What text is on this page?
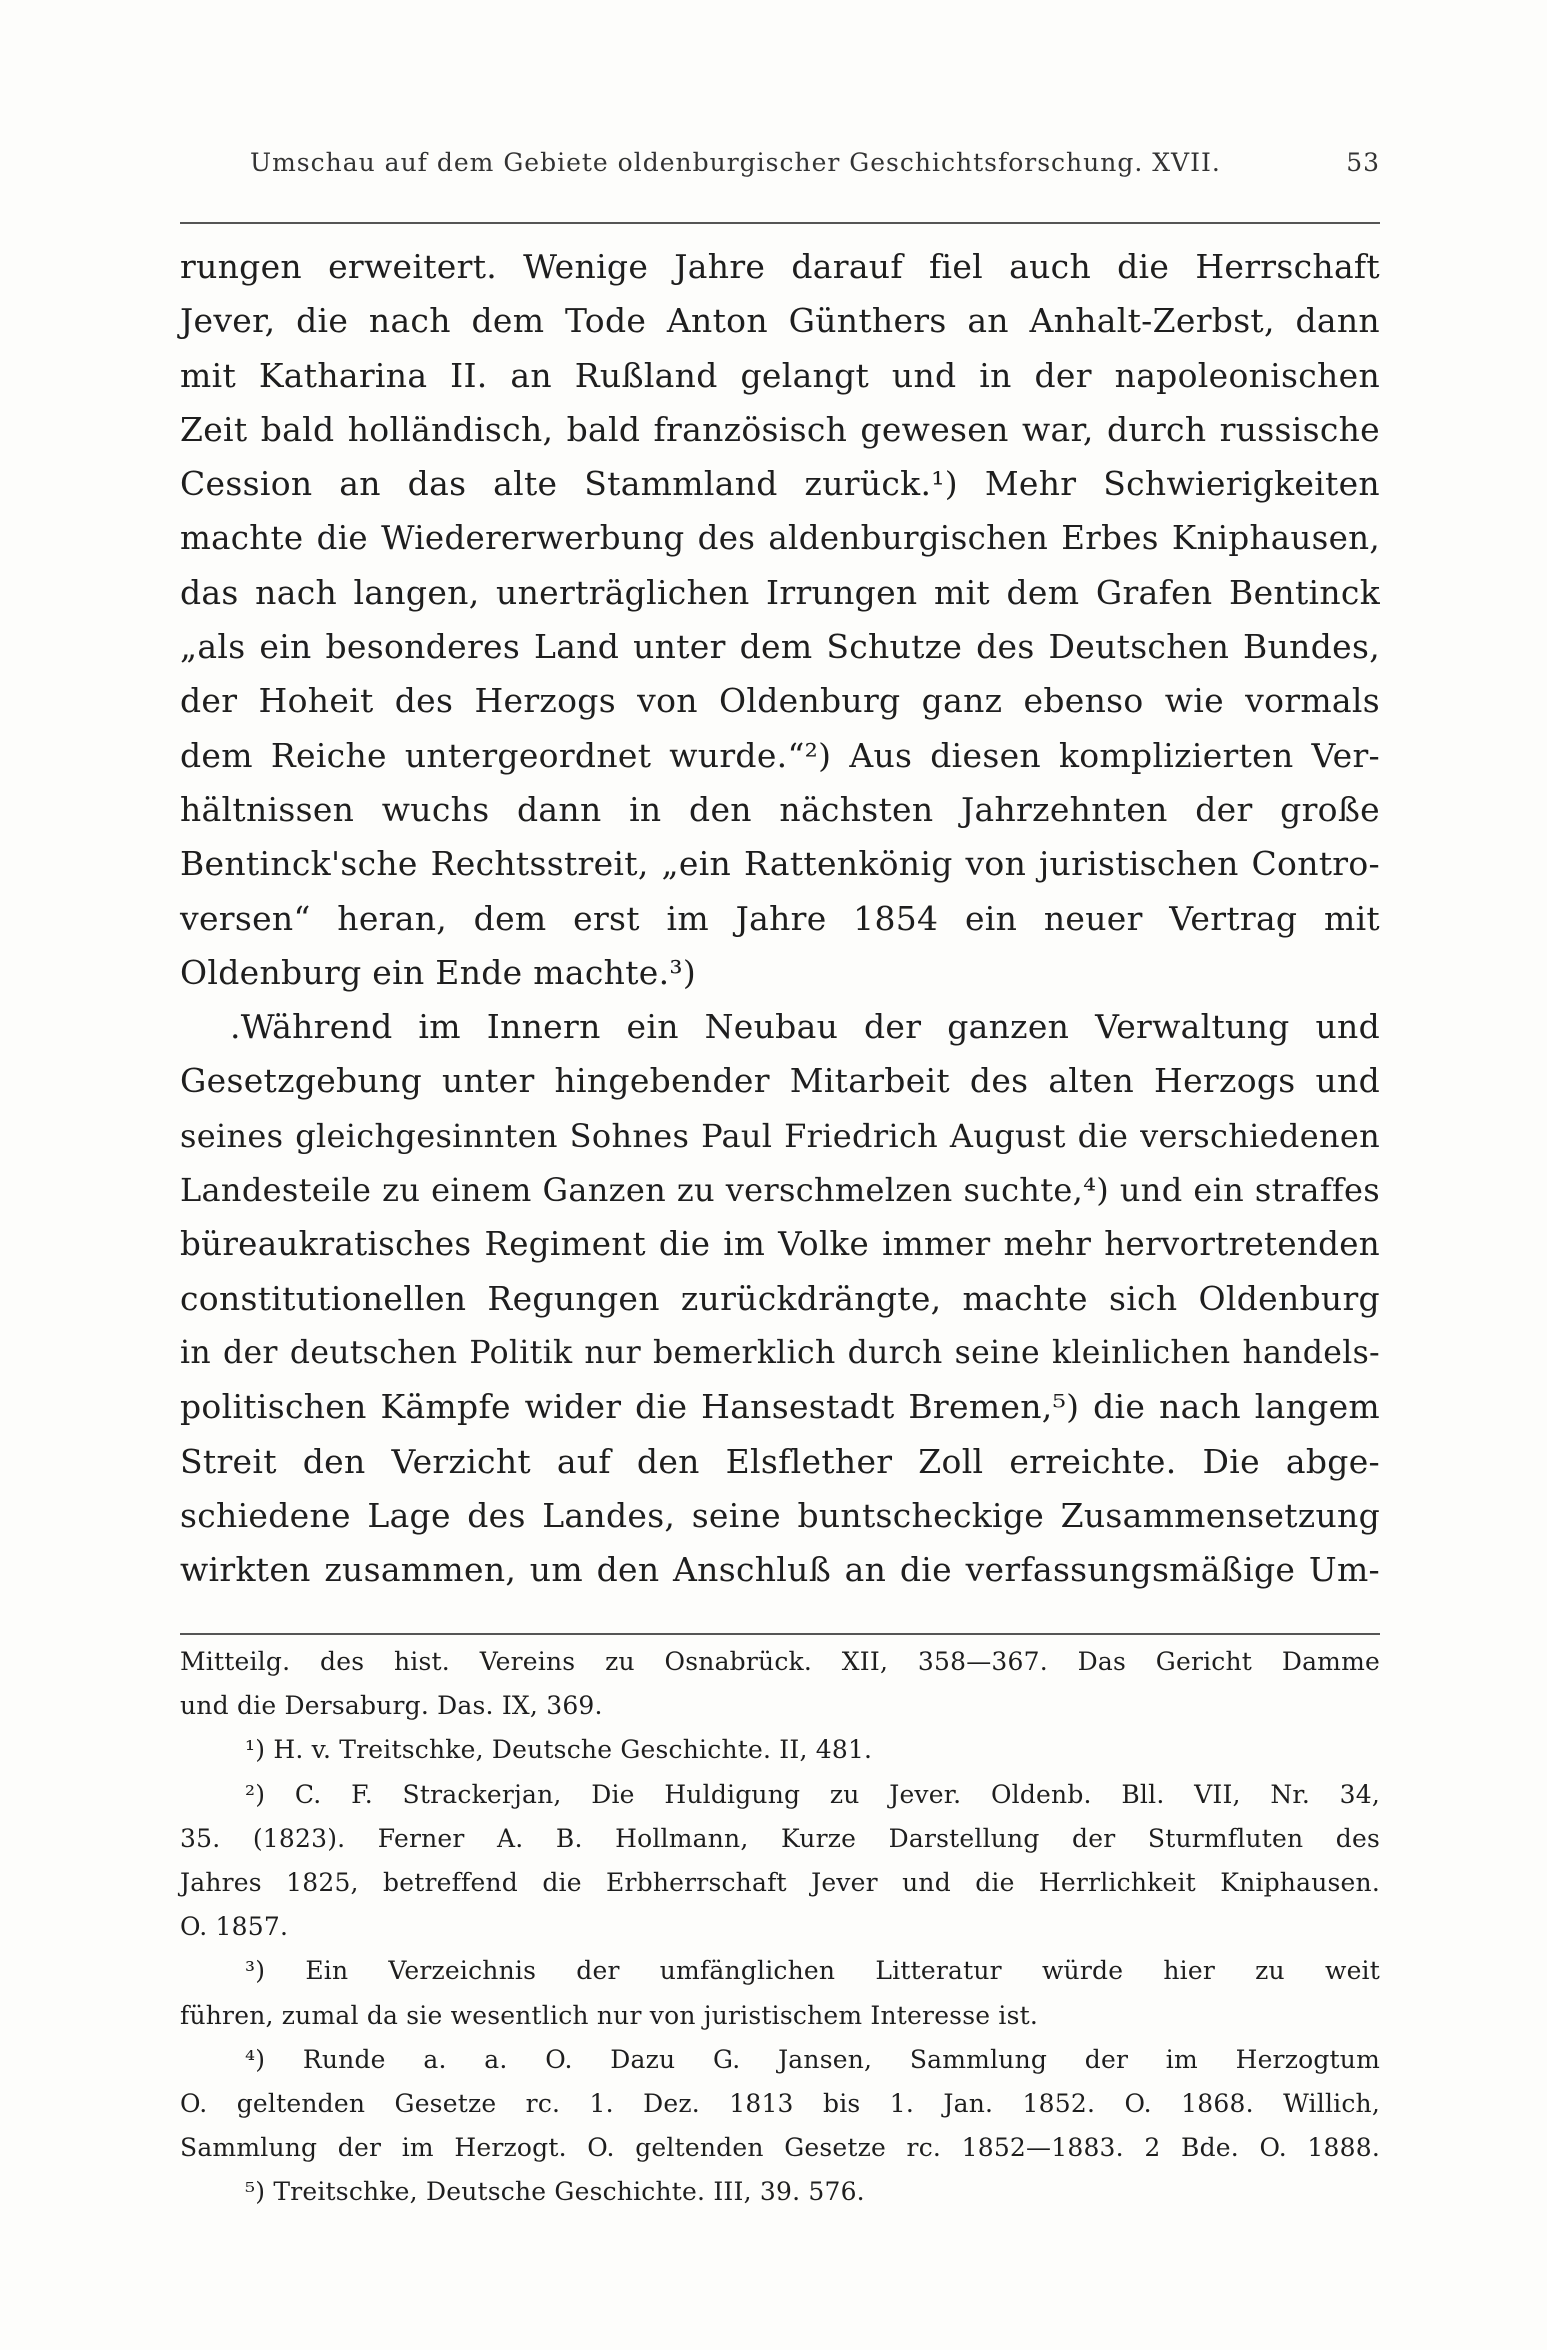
Umschau auf dem Gebiete oldenburgischer Geschichtsforschung. XVII.	53
rungen erweitert. Wenige Jahre darauf fiel auch die Herrschaft
Jever, die nach dem Tode Anton Günthers an Anhalt-Zerbst, dann
mit Katharina II. an Rußland gelangt und in der napoleonischen
Zeit bald holländisch, bald französisch gewesen war, durch russische
Cession an das alte Stammland zurück.¹) Mehr Schwierigkeiten
machte die Wiedererwerbung des aldenburgischen Erbes Kniphausen,
das nach langen, unerträglichen Irrungen mit dem Grafen Bentinck
„als ein besonderes Land unter dem Schutze des Deutschen Bundes,
der Hoheit des Herzogs von Oldenburg ganz ebenso wie vormals
dem Reiche untergeordnet wurde.“²) Aus diesen komplizierten Ver-
hältnissen wuchs dann in den nächsten Jahrzehnten der große
Bentinck'sche Rechtsstreit, „ein Rattenkönig von juristischen Contro-
versen“ heran, dem erst im Jahre 1854 ein neuer Vertrag mit
Oldenburg ein Ende machte.³)
.Während im Innern ein Neubau der ganzen Verwaltung und
Gesetzgebung unter hingebender Mitarbeit des alten Herzogs und
seines gleichgesinnten Sohnes Paul Friedrich August die verschiedenen
Landesteile zu einem Ganzen zu verschmelzen suchte,⁴) und ein straffes
büreaukratisches Regiment die im Volke immer mehr hervortretenden
constitutionellen Regungen zurückdrängte, machte sich Oldenburg
in der deutschen Politik nur bemerklich durch seine kleinlichen handels-
politischen Kämpfe wider die Hansestadt Bremen,⁵) die nach langem
Streit den Verzicht auf den Elsflether Zoll erreichte. Die abge-
schiedene Lage des Landes, seine buntscheckige Zusammensetzung
wirkten zusammen, um den Anschluß an die verfassungsmäßige Um-
Mitteilg. des hist. Vereins zu Osnabrück. XII, 358—367. Das Gericht Damme
und die Dersaburg. Das. IX, 369.
¹) H. v. Treitschke, Deutsche Geschichte. II, 481.
²) C. F. Strackerjan, Die Huldigung zu Jever. Oldenb. Bll. VII, Nr. 34,
35. (1823). Ferner A. B. Hollmann, Kurze Darstellung der Sturmfluten des
Jahres 1825, betreffend die Erbherrschaft Jever und die Herrlichkeit Kniphausen.
O. 1857.
³) Ein Verzeichnis der umfänglichen Litteratur würde hier zu weit
führen, zumal da sie wesentlich nur von juristischem Interesse ist.
⁴) Runde a. a. O. Dazu G. Jansen, Sammlung der im Herzogtum
O. geltenden Gesetze rc. 1. Dez. 1813 bis 1. Jan. 1852. O. 1868. Willich,
Sammlung der im Herzogt. O. geltenden Gesetze rc. 1852—1883. 2 Bde. O. 1888.
⁵) Treitschke, Deutsche Geschichte. III, 39. 576.
